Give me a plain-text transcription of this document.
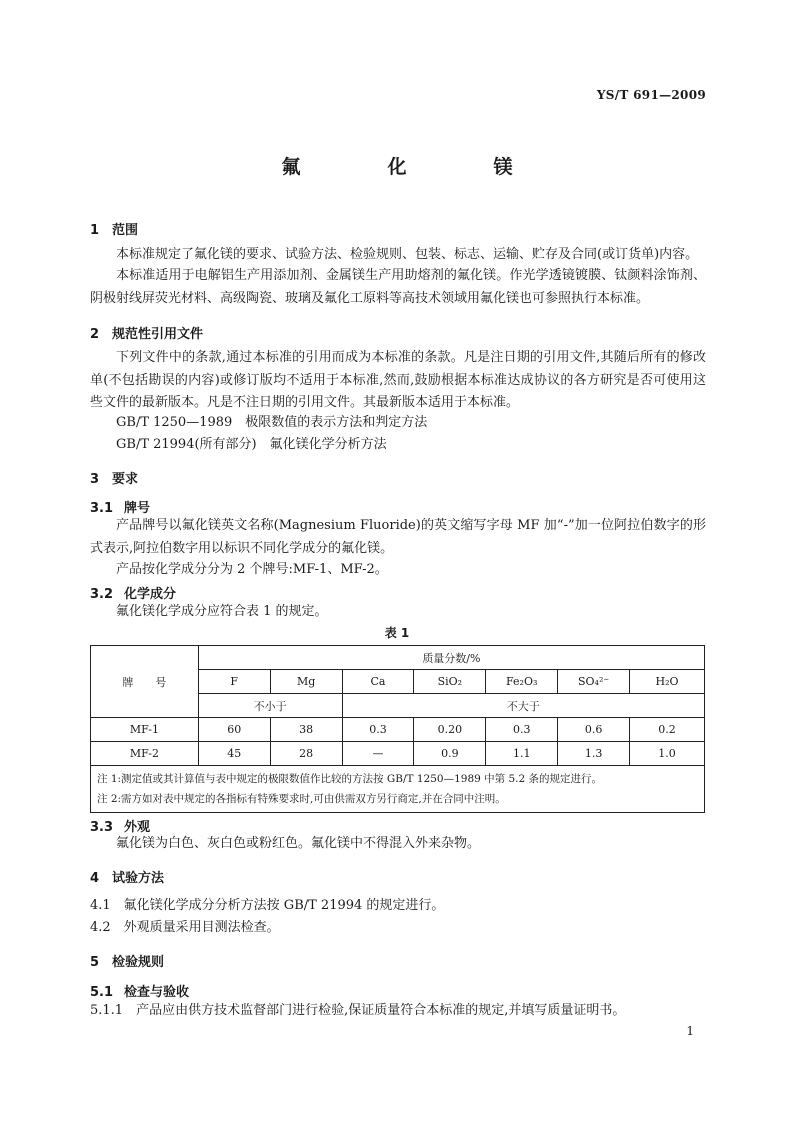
YS/T 691—2009
氟　化　镁
1 范围
本标准规定了氟化镁的要求、试验方法、检验规则、包装、标志、运输、贮存及合同(或订货单)内容。
本标准适用于电解铝生产用添加剂、金属镁生产用助熔剂的氟化镁。作光学透镜镀膜、钛颜料涂饰剂、阴极射线屏荧光材料、高级陶瓷、玻璃及氟化工原料等高技术领域用氟化镁也可参照执行本标准。
2 规范性引用文件
下列文件中的条款,通过本标准的引用而成为本标准的条款。凡是注日期的引用文件,其随后所有的修改单(不包括勘误的内容)或修订版均不适用于本标准,然而,鼓励根据本标准达成协议的各方研究是否可使用这些文件的最新版本。凡是不注日期的引用文件。其最新版本适用于本标准。
GB/T 1250—1989　极限数值的表示方法和判定方法
GB/T 21994(所有部分)　氟化镁化学分析方法
3 要求
3.1 牌号
产品牌号以氟化镁英文名称(Magnesium Fluoride)的英文缩写字母 MF 加“-”加一位阿拉伯数字的形式表示,阿拉伯数字用以标识不同化学成分的氟化镁。
产品按化学成分分为 2 个牌号:MF-1、MF-2。
3.2 化学成分
氟化镁化学成分应符合表 1 的规定。
表 1
牌　　号	质量分数/%						
	F	Mg	Ca	SiO₂	Fe₂O₃	SO₄²⁻	H₂O
	不小于		不大于				
MF-1	60	38	0.3	0.20	0.3	0.6	0.2
MF-2	45	28	—	0.9	1.1	1.3	1.0

注 1:测定值或其计算值与表中规定的极限数值作比较的方法按 GB/T 1250—1989 中第 5.2 条的规定进行。
注 2:需方如对表中规定的各指标有特殊要求时,可由供需双方另行商定,并在合同中注明。							
3.3 外观
氟化镁为白色、灰白色或粉红色。氟化镁中不得混入外来杂物。
4 试验方法
4.1　氟化镁化学成分分析方法按 GB/T 21994 的规定进行。
4.2　外观质量采用目测法检查。
5 检验规则
5.1 检查与验收
5.1.1　产品应由供方技术监督部门进行检验,保证质量符合本标准的规定,并填写质量证明书。
1
